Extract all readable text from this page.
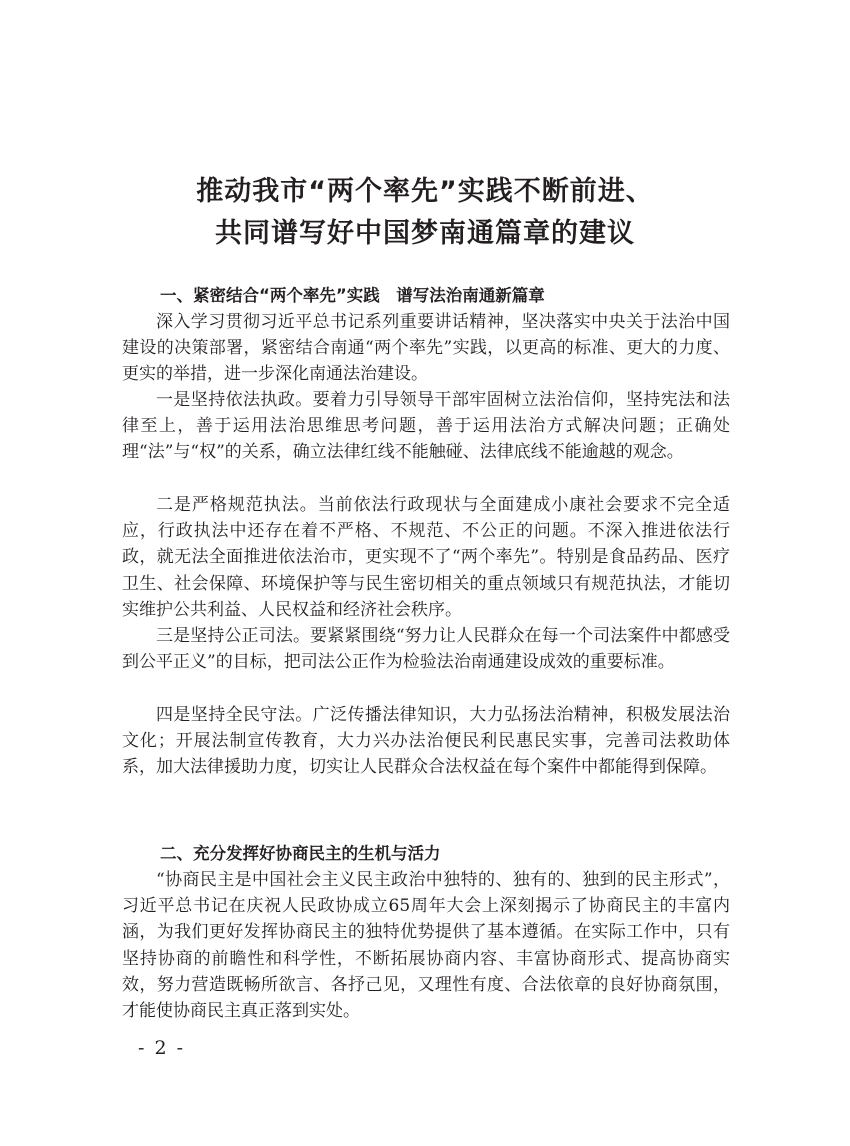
推动我市“两个率先”实践不断前进、
共同谱写好中国梦南通篇章的建议
一、紧密结合“两个率先”实践　谱写法治南通新篇章

深入学习贯彻习近平总书记系列重要讲话精神，坚决落实中央关于法治中国建设的决策部署，紧密结合南通“两个率先”实践，以更高的标准、更大的力度、更实的举措，进一步深化南通法治建设。

一是坚持依法执政。要着力引导领导干部牢固树立法治信仰，坚持宪法和法律至上，善于运用法治思维思考问题，善于运用法治方式解决问题；正确处理“法”与“权”的关系，确立法律红线不能触碰、法律底线不能逾越的观念。

二是严格规范执法。当前依法行政现状与全面建成小康社会要求不完全适应，行政执法中还存在着不严格、不规范、不公正的问题。不深入推进依法行政，就无法全面推进依法治市，更实现不了“两个率先”。特别是食品药品、医疗卫生、社会保障、环境保护等与民生密切相关的重点领域只有规范执法，才能切实维护公共利益、人民权益和经济社会秩序。

三是坚持公正司法。要紧紧围绕“努力让人民群众在每一个司法案件中都感受到公平正义”的目标，把司法公正作为检验法治南通建设成效的重要标准。

四是坚持全民守法。广泛传播法律知识，大力弘扬法治精神，积极发展法治文化；开展法制宣传教育，大力兴办法治便民利民惠民实事，完善司法救助体系，加大法律援助力度，切实让人民群众合法权益在每个案件中都能得到保障。

二、充分发挥好协商民主的生机与活力

“协商民主是中国社会主义民主政治中独特的、独有的、独到的民主形式”，习近平总书记在庆祝人民政协成立65周年大会上深刻揭示了协商民主的丰富内涵，为我们更好发挥协商民主的独特优势提供了基本遵循。在实际工作中，只有坚持协商的前瞻性和科学性，不断拓展协商内容、丰富协商形式、提高协商实效，努力营造既畅所欲言、各抒己见，又理性有度、合法依章的良好协商氛围，才能使协商民主真正落到实处。

- 2 -
